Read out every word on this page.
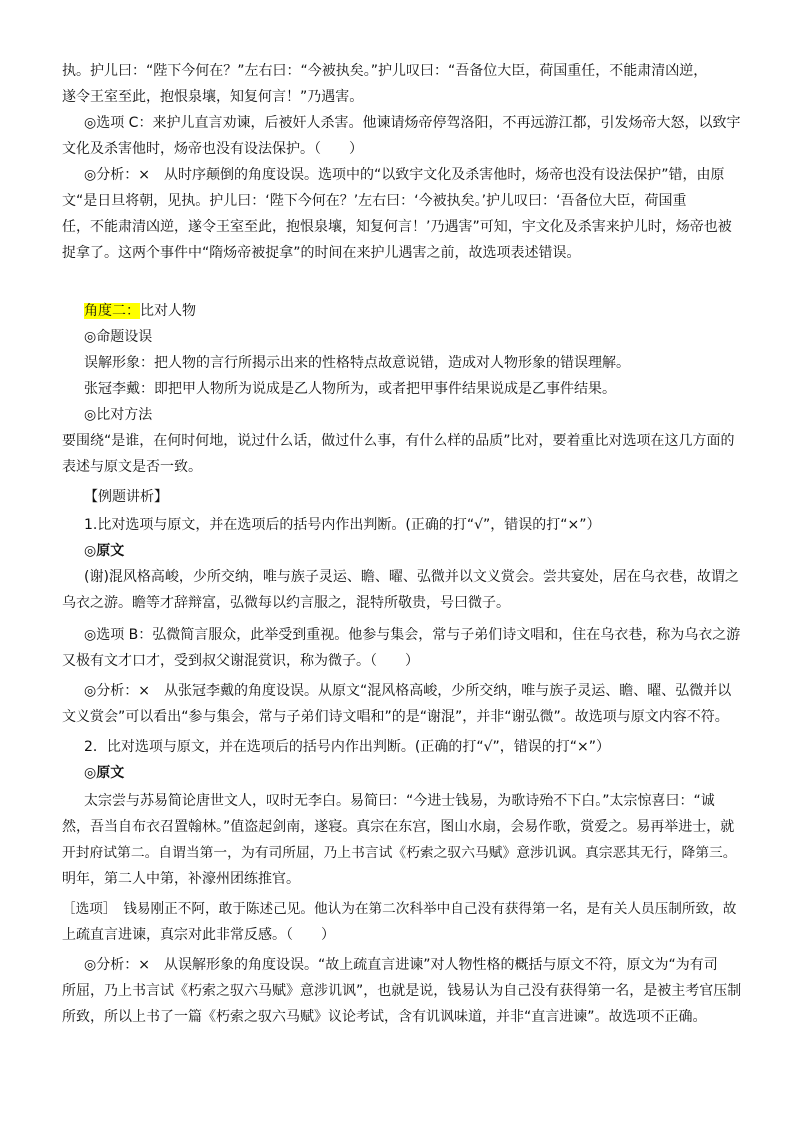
执。护儿曰：“陛下今何在？”左右曰：“今被执矣。”护儿叹曰：“吾备位大臣，荷国重任，不能肃清凶逆，
遂令王室至此，抱恨泉壤，知复何言！”乃遇害。
◎选项 C：来护儿直言劝谏，后被奸人杀害。他谏请炀帝停驾洛阳，不再远游江都，引发炀帝大怒，以致宇
文化及杀害他时，炀帝也没有设法保护。（　　）
◎分析：×　从时序颠倒的角度设误。选项中的“以致宇文化及杀害他时，炀帝也没有设法保护”错，由原
文“是日旦将朝，见执。护儿曰：‘陛下今何在？’左右曰：‘今被执矣。’护儿叹曰：‘吾备位大臣，荷国重
任，不能肃清凶逆，遂令王室至此，抱恨泉壤，知复何言！’乃遇害”可知，宇文化及杀害来护儿时，炀帝也被
捉拿了。这两个事件中“隋炀帝被捉拿”的时间在来护儿遇害之前，故选项表述错误。
角度二：比对人物
◎命题设误
误解形象：把人物的言行所揭示出来的性格特点故意说错，造成对人物形象的错误理解。
张冠李戴：即把甲人物所为说成是乙人物所为，或者把甲事件结果说成是乙事件结果。
◎比对方法
要围绕“是谁，在何时何地，说过什么话，做过什么事，有什么样的品质”比对，要着重比对选项在这几方面的
表述与原文是否一致。
【例题讲析】
1.比对选项与原文，并在选项后的括号内作出判断。(正确的打“√”，错误的打“×”）
◎原文
(谢)混风格高峻，少所交纳，唯与族子灵运、瞻、曜、弘微并以文义赏会。尝共宴处，居在乌衣巷，故谓之
乌衣之游。瞻等才辞辩富，弘微每以约言服之，混特所敬贵，号曰微子。
◎选项 B：弘微简言服众，此举受到重视。他参与集会，常与子弟们诗文唱和，住在乌衣巷，称为乌衣之游
又极有文才口才，受到叔父谢混赏识，称为微子。（　　）
◎分析：×　从张冠李戴的角度设误。从原文“混风格高峻，少所交纳，唯与族子灵运、瞻、曜、弘微并以
文义赏会”可以看出“参与集会，常与子弟们诗文唱和”的是“谢混”，并非“谢弘微”。故选项与原文内容不符。
2．比对选项与原文，并在选项后的括号内作出判断。(正确的打“√”，错误的打“×”）
◎原文
太宗尝与苏易简论唐世文人，叹时无李白。易简曰：“今进士钱易，为歌诗殆不下白。”太宗惊喜曰：“诚
然，吾当自布衣召置翰林。”值盗起剑南，遂寝。真宗在东宫，图山水扇，会易作歌，赏爱之。易再举进士，就
开封府试第二。自谓当第一，为有司所屈，乃上书言试《朽索之驭六马赋》意涉讥讽。真宗恶其无行，降第三。
明年，第二人中第，补濠州团练推官。
［选项］　钱易刚正不阿，敢于陈述己见。他认为在第二次科举中自己没有获得第一名，是有关人员压制所致，故
上疏直言进谏，真宗对此非常反感。（　　）
◎分析：×　从误解形象的角度设误。“故上疏直言进谏”对人物性格的概括与原文不符，原文为“为有司
所屈，乃上书言试《朽索之驭六马赋》意涉讥讽”，也就是说，钱易认为自己没有获得第一名，是被主考官压制
所致，所以上书了一篇《朽索之驭六马赋》议论考试，含有讥讽味道，并非“直言进谏”。故选项不正确。
